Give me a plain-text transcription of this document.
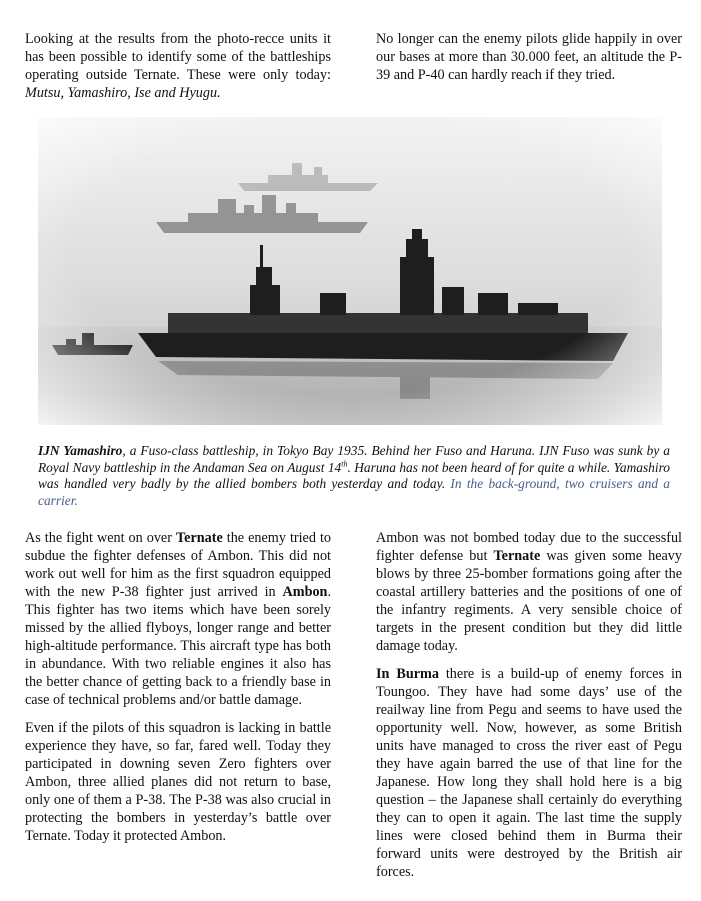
Looking at the results from the photo-recce units it has been possible to identify some of the battleships operating outside Ternate. These were only today: Mutsu, Yamashiro, Ise and Hyugu.

No longer can the enemy pilots glide happily in over our bases at more than 30.000 feet, an altitude the P-39 and P-40 can hardly reach if they tried.

IJN Yamashiro, a Fuso-class battleship, in Tokyo Bay 1935. Behind her Fuso and Haruna. IJN Fuso was sunk by a Royal Navy battleship in the Andaman Sea on August 14th. Haruna has not been heard of for quite a while. Yamashiro was handled very badly by the allied bombers both yesterday and today. In the back-ground, two cruisers and a carrier.

As the fight went on over Ternate the enemy tried to subdue the fighter defenses of Ambon. This did not work out well for him as the first squadron equipped with the new P-38 fighter just arrived in Ambon. This fighter has two items which have been sorely missed by the allied flyboys, longer range and better high-altitude performance. This aircraft type has both in abundance. With two reliable engines it also has the better chance of getting back to a friendly base in case of technical problems and/or battle damage.

Even if the pilots of this squadron is lacking in battle experience they have, so far, fared well. Today they participated in downing seven Zero fighters over Ambon, three allied planes did not return to base, only one of them a P-38. The P-38 was also crucial in protecting the bombers in yesterday’s battle over Ternate. Today it protected Ambon.

Ambon was not bombed today due to the successful fighter defense but Ternate was given some heavy blows by three 25-bomber formations going after the coastal artillery batteries and the positions of one of the infantry regiments. A very sensible choice of targets in the present condition but they did little damage today.

In Burma there is a build-up of enemy forces in Toungoo. They have had some days’ use of the reailway line from Pegu and seems to have used the opportunity well. Now, however, as some British units have managed to cross the river east of Pegu they have again barred the use of that line for the Japanese. How long they shall hold here is a big question – the Japanese shall certainly do everything they can to open it again. The last time the supply lines were closed behind them in Burma their forward units were destroyed by the British air forces.
